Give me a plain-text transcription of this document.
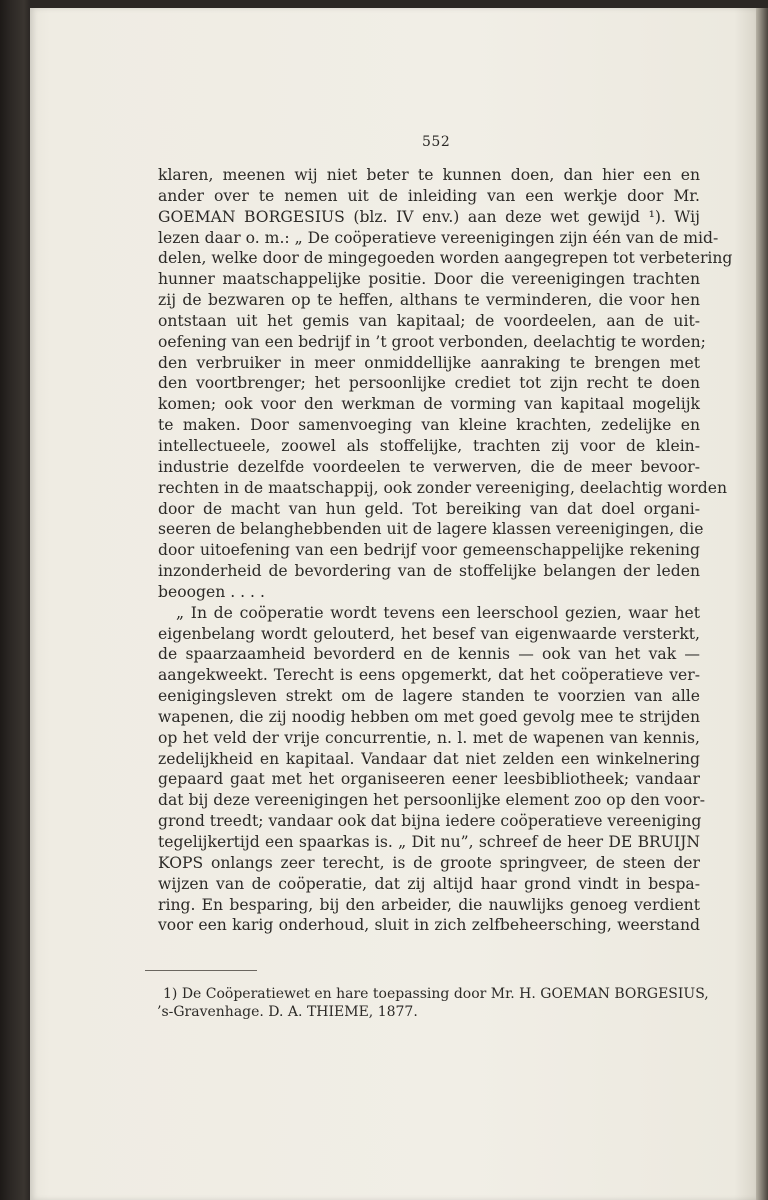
552
klaren, meenen wij niet beter te kunnen doen, dan hier een en
ander over te nemen uit de inleiding van een werkje door Mr.
GOEMAN BORGESIUS (blz. IV env.) aan deze wet gewijd ¹). Wij
lezen daar o. m.: „ De coöperatieve vereenigingen zijn één van de mid-
delen, welke door de mingegoeden worden aangegrepen tot verbetering
hunner maatschappelijke positie. Door die vereenigingen trachten
zij de bezwaren op te heffen, althans te verminderen, die voor hen
ontstaan uit het gemis van kapitaal; de voordeelen, aan de uit-
oefening van een bedrijf in ’t groot verbonden, deelachtig te worden;
den verbruiker in meer onmiddellijke aanraking te brengen met
den voortbrenger; het persoonlijke crediet tot zijn recht te doen
komen; ook voor den werkman de vorming van kapitaal mogelijk
te maken. Door samenvoeging van kleine krachten, zedelijke en
intellectueele, zoowel als stoffelijke, trachten zij voor de klein-
industrie dezelfde voordeelen te verwerven, die de meer bevoor-
rechten in de maatschappij, ook zonder vereeniging, deelachtig worden
door de macht van hun geld. Tot bereiking van dat doel organi-
seeren de belanghebbenden uit de lagere klassen vereenigingen, die
door uitoefening van een bedrijf voor gemeenschappelijke rekening
inzonderheid de bevordering van de stoffelijke belangen der leden
beoogen . . . .
„ In de coöperatie wordt tevens een leerschool gezien, waar het
eigenbelang wordt gelouterd, het besef van eigenwaarde versterkt,
de spaarzaamheid bevorderd en de kennis — ook van het vak —
aangekweekt. Terecht is eens opgemerkt, dat het coöperatieve ver-
eenigingsleven strekt om de lagere standen te voorzien van alle
wapenen, die zij noodig hebben om met goed gevolg mee te strijden
op het veld der vrije concurrentie, n. l. met de wapenen van kennis,
zedelijkheid en kapitaal. Vandaar dat niet zelden een winkelnering
gepaard gaat met het organiseeren eener leesbibliotheek; vandaar
dat bij deze vereenigingen het persoonlijke element zoo op den voor-
grond treedt; vandaar ook dat bijna iedere coöperatieve vereeniging
tegelijkertijd een spaarkas is. „ Dit nu”, schreef de heer DE BRUIJN
KOPS onlangs zeer terecht, is de groote springveer, de steen der
wijzen van de coöperatie, dat zij altijd haar grond vindt in bespa-
ring. En besparing, bij den arbeider, die nauwlijks genoeg verdient
voor een karig onderhoud, sluit in zich zelfbeheersching, weerstand
1) De Coöperatiewet en hare toepassing door Mr. H. GOEMAN BORGESIUS,
’s-Gravenhage. D. A. THIEME, 1877.
